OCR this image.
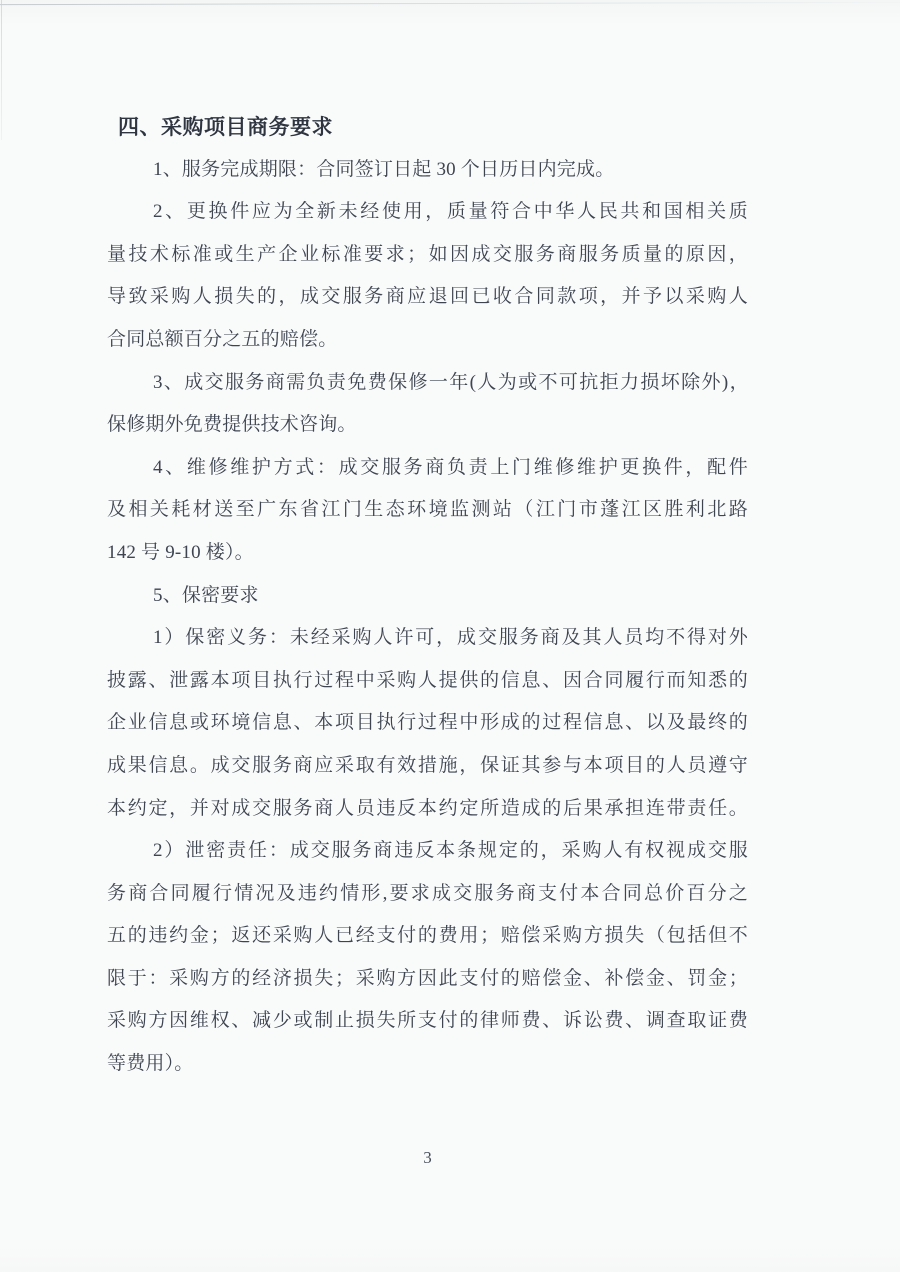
四、采购项目商务要求
1、服务完成期限：合同签订日起 30 个日历日内完成。
2、更换件应为全新未经使用，质量符合中华人民共和国相关质
量技术标准或生产企业标准要求；如因成交服务商服务质量的原因，
导致采购人损失的，成交服务商应退回已收合同款项，并予以采购人
合同总额百分之五的赔偿。
3、成交服务商需负责免费保修一年(人为或不可抗拒力损坏除外)，
保修期外免费提供技术咨询。
4、维修维护方式：成交服务商负责上门维修维护更换件，配件
及相关耗材送至广东省江门生态环境监测站（江门市蓬江区胜利北路
142 号 9-10 楼）。
5、保密要求
1）保密义务：未经采购人许可，成交服务商及其人员均不得对外
披露、泄露本项目执行过程中采购人提供的信息、因合同履行而知悉的
企业信息或环境信息、本项目执行过程中形成的过程信息、以及最终的
成果信息。成交服务商应采取有效措施，保证其参与本项目的人员遵守
本约定，并对成交服务商人员违反本约定所造成的后果承担连带责任。
2）泄密责任：成交服务商违反本条规定的，采购人有权视成交服
务商合同履行情况及违约情形,要求成交服务商支付本合同总价百分之
五的违约金；返还采购人已经支付的费用；赔偿采购方损失（包括但不
限于：采购方的经济损失；采购方因此支付的赔偿金、补偿金、罚金；
采购方因维权、减少或制止损失所支付的律师费、诉讼费、调查取证费
等费用）。
3
